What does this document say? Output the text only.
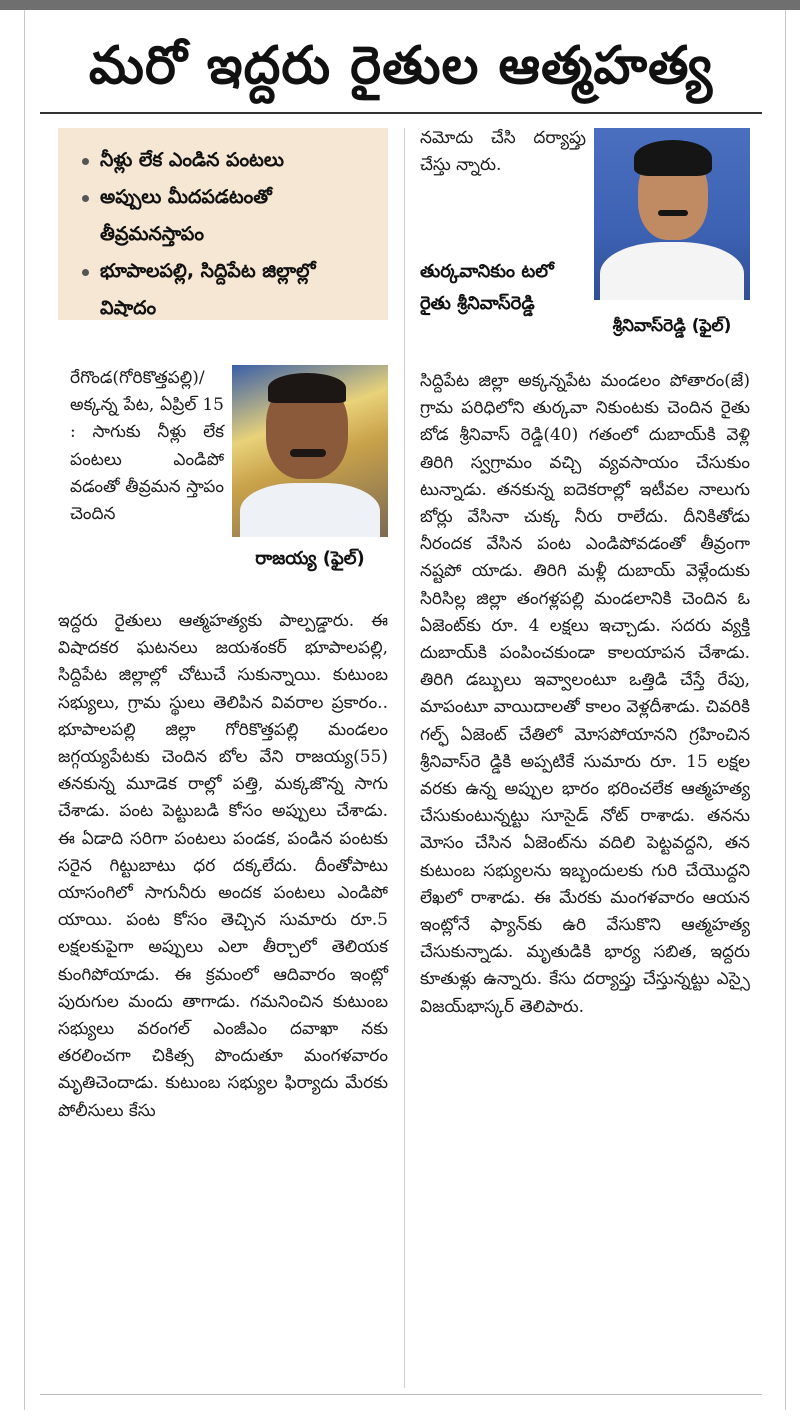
మరో ఇద్దరు రైతుల ఆత్మహత్య
నీళ్లు లేక ఎండిన పంటలు
అప్పులు మీదపడటంతో తీవ్రమనస్తాపం
భూపాలపల్లి, సిద్దిపేట జిల్లాల్లో విషాదం

రేగొండ(గోరికొత్తపల్లి)/అక్కన్న పేట, ఏప్రిల్ 15 : సాగుకు నీళ్లు లేక పంటలు ఎండిపో వడంతో తీవ్రమన స్తాపం చెందిన

రాజయ్య (ఫైల్)

ఇద్దరు రైతులు ఆత్మహత్యకు పాల్పడ్డారు. ఈ విషాదకర ఘటనలు జయశంకర్ భూపాలపల్లి, సిద్దిపేట జిల్లాల్లో చోటుచే సుకున్నాయి. కుటుంబ సభ్యులు, గ్రామ స్థులు తెలిపిన వివరాల ప్రకారం.. భూపాలపల్లి జిల్లా గోరికొత్తపల్లి మండలం జగ్గయ్యపేటకు చెందిన బోల వేని రాజయ్య(55) తనకున్న మూడెక రాల్లో పత్తి, మక్కజొన్న సాగు చేశాడు. పంట పెట్టుబడి కోసం అప్పులు చేశాడు. ఈ ఏడాది సరిగా పంటలు పండక, పండిన పంటకు సరైన గిట్టుబాటు ధర దక్కలేదు. దీంతోపాటు యాసంగిలో సాగునీరు అందక పంటలు ఎండిపో యాయి. పంట కోసం తెచ్చిన సుమారు రూ.5 లక్షలకుపైగా అప్పులు ఎలా తీర్చాలో తెలియక కుంగిపోయాడు. ఈ క్రమంలో ఆదివారం ఇంట్లో పురుగుల మందు తాగాడు. గమనించిన కుటుంబ సభ్యులు వరంగల్ ఎంజీఎం దవాఖా నకు తరలించగా చికిత్స పొందుతూ మంగళవారం మృతిచెందాడు. కుటుంబ సభ్యుల ఫిర్యాదు మేరకు పోలీసులు కేసు

నమోదు చేసి దర్యాప్తు చేస్తు న్నారు.

తుర్కవానికుం టలో రైతు శ్రీనివాస్‌రెడ్డి
శ్రీనివాస్‌రెడ్డి (ఫైల్)

సిద్దిపేట జిల్లా అక్కన్నపేట మండలం పోతారం(జే) గ్రామ పరిధిలోని తుర్కవా నికుంటకు చెందిన రైతు బోడ శ్రీనివాస్ రెడ్డి(40) గతంలో దుబాయ్‌కి వెళ్లి తిరిగి స్వగ్రామం వచ్చి వ్యవసాయం చేసుకుం టున్నాడు. తనకున్న ఐదెకరాల్లో ఇటీవల నాలుగు బోర్లు వేసినా చుక్క నీరు రాలేదు. దీనికితోడు నీరందక వేసిన పంట ఎండిపోవడంతో తీవ్రంగా నష్టపో యాడు. తిరిగి మళ్లీ దుబాయ్ వెళ్లేందుకు సిరిసిల్ల జిల్లా తంగళ్లపల్లి మండలానికి చెందిన ఓ ఏజెంట్‌కు రూ. 4 లక్షలు ఇచ్చాడు. సదరు వ్యక్తి దుబాయ్‌కి పంపించకుండా కాలయాపన చేశాడు. తిరిగి డబ్బులు ఇవ్వాలంటూ ఒత్తిడి చేస్తే రేపు, మాపంటూ వాయిదాలతో కాలం వెళ్లదీశాడు. చివరికి గల్ఫ్ ఏజెంట్ చేతిలో మోసపోయానని గ్రహించిన శ్రీనివాస్‌రె డ్డికి అప్పటికే సుమారు రూ. 15 లక్షల వరకు ఉన్న అప్పుల భారం భరించలేక ఆత్మహత్య చేసుకుంటున్నట్టు సూసైడ్ నోట్ రాశాడు. తనను మోసం చేసిన ఏజెంట్‌ను వదిలి పెట్టవద్దని, తన కుటుంబ సభ్యులను ఇబ్బందులకు గురి చేయొద్దని లేఖలో రాశాడు. ఈ మేరకు మంగళవారం ఆయన ఇంట్లోనే ఫ్యాన్‌కు ఉరి వేసుకొని ఆత్మహత్య చేసుకున్నాడు. మృతుడికి భార్య సబిత, ఇద్దరు కూతుళ్లు ఉన్నారు. కేసు దర్యాప్తు చేస్తున్నట్టు ఎస్సై విజయ్‌భాస్కర్ తెలిపారు.
